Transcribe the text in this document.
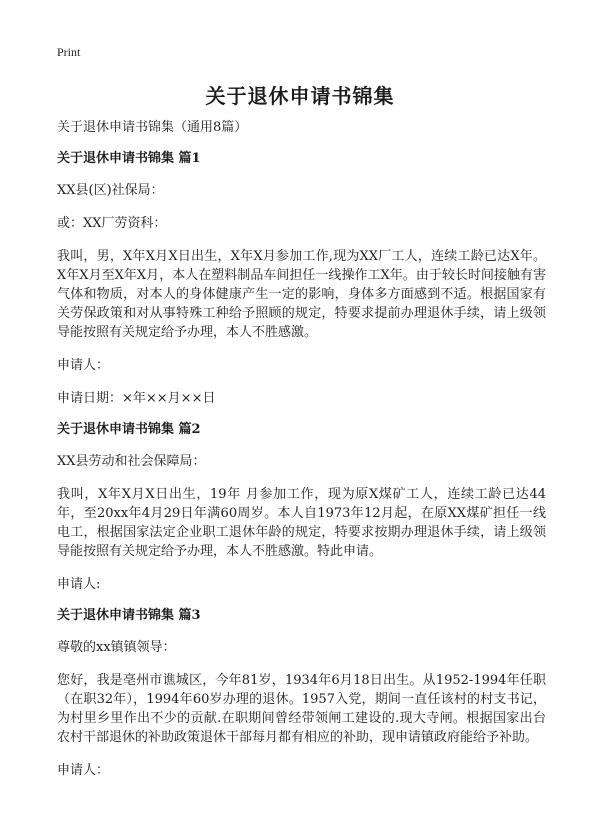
Print
关于退休申请书锦集

关于退休申请书锦集（通用8篇）

关于退休申请书锦集 篇1

XX县(区)社保局：

或：XX厂劳资科：

我叫，男，X年X月X日出生，X年X月参加工作,现为XX厂工人，连续工龄已达X年。X年X月至X年X月，本人在塑料制品车间担任一线操作工X年。由于较长时间接触有害气体和物质，对本人的身体健康产生一定的影响，身体多方面感到不适。根据国家有关劳保政策和对从事特殊工种给予照顾的规定，特要求提前办理退休手续，请上级领导能按照有关规定给予办理，本人不胜感激。

申请人：

申请日期：×年××月××日

关于退休申请书锦集 篇2

XX县劳动和社会保障局：

我叫，X年X月X日出生，19年 月参加工作，现为原X煤矿工人，连续工龄已达44年，至20xx年4月29日年满60周岁。本人自1973年12月起，在原XX煤矿担任一线电工，根据国家法定企业职工退休年龄的规定，特要求按期办理退休手续，请上级领导能按照有关规定给予办理，本人不胜感激。特此申请。

申请人:

关于退休申请书锦集 篇3

尊敬的xx镇镇领导：

您好，我是亳州市谯城区，今年81岁，1934年6月18日出生。从1952-1994年任职（在职32年），1994年60岁办理的退休。1957入党，期间一直任该村的村支书记，为村里乡里作出不少的贡献.在职期间曾经带领闸工建设的.现大寺闸。根据国家出台农村干部退休的补助政策退休干部每月都有相应的补助，现申请镇政府能给予补助。

申请人：
